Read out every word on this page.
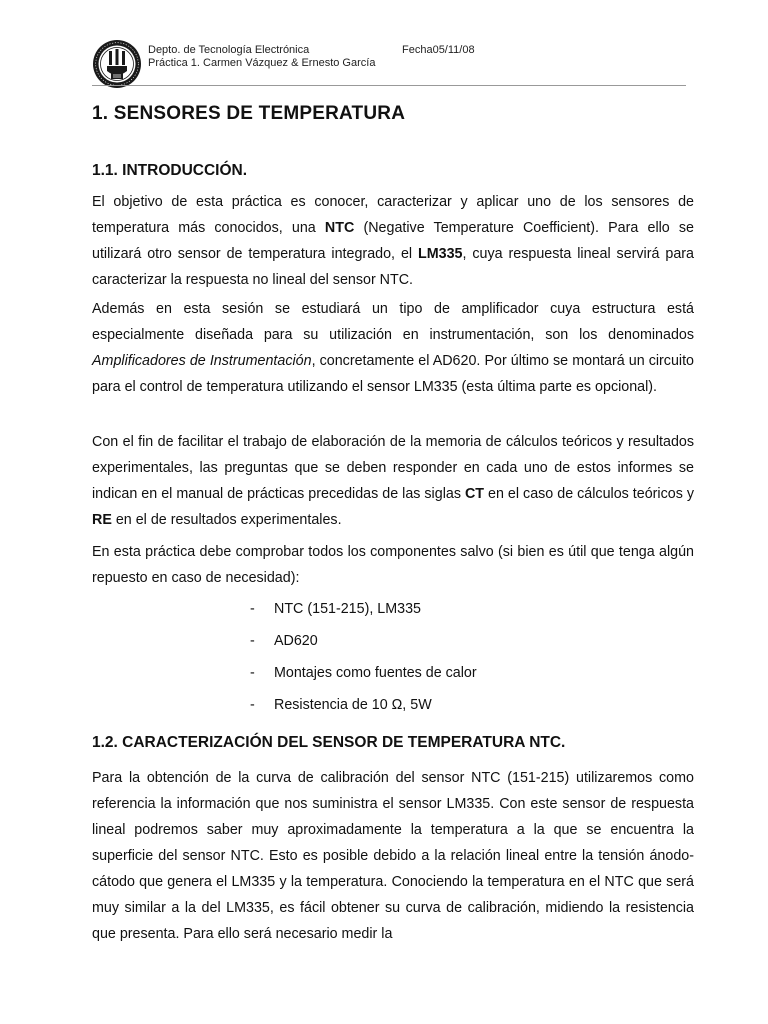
Depto. de Tecnología Electrónica	Fecha05/11/08
Práctica 1. Carmen Vázquez & Ernesto García
1. SENSORES DE TEMPERATURA
1.1. INTRODUCCIÓN.

El objetivo de esta práctica es conocer, caracterizar y aplicar uno de los sensores de temperatura más conocidos, una NTC (Negative Temperature Coefficient). Para ello se utilizará otro sensor de temperatura integrado, el LM335, cuya respuesta lineal servirá para caracterizar la respuesta no lineal del sensor NTC.

Además en esta sesión se estudiará un tipo de amplificador cuya estructura está especialmente diseñada para su utilización en instrumentación, son los denominados Amplificadores de Instrumentación, concretamente el AD620. Por último se montará un circuito para el control de temperatura utilizando el sensor LM335 (esta última parte es opcional).

Con el fin de facilitar el trabajo de elaboración de la memoria de cálculos teóricos y resultados experimentales, las preguntas que se deben responder en cada uno de estos informes se indican en el manual de prácticas precedidas de las siglas CT en el caso de cálculos teóricos y RE en el de resultados experimentales.

En esta práctica debe comprobar todos los componentes salvo (si bien es útil que tenga algún repuesto en caso de necesidad):

- NTC (151-215), LM335
- AD620
- Montajes como fuentes de calor
- Resistencia de 10 Ω, 5W
1.2. CARACTERIZACIÓN DEL SENSOR DE TEMPERATURA NTC.

Para la obtención de la curva de calibración del sensor NTC (151-215) utilizaremos como referencia la información que nos suministra el sensor LM335. Con este sensor de respuesta lineal podremos saber muy aproximadamente la temperatura a la que se encuentra la superficie del sensor NTC. Esto es posible debido a la relación lineal entre la tensión ánodo-cátodo que genera el LM335 y la temperatura. Conociendo la temperatura en el NTC que será muy similar a la del LM335, es fácil obtener su curva de calibración, midiendo la resistencia que presenta. Para ello será necesario medir la
